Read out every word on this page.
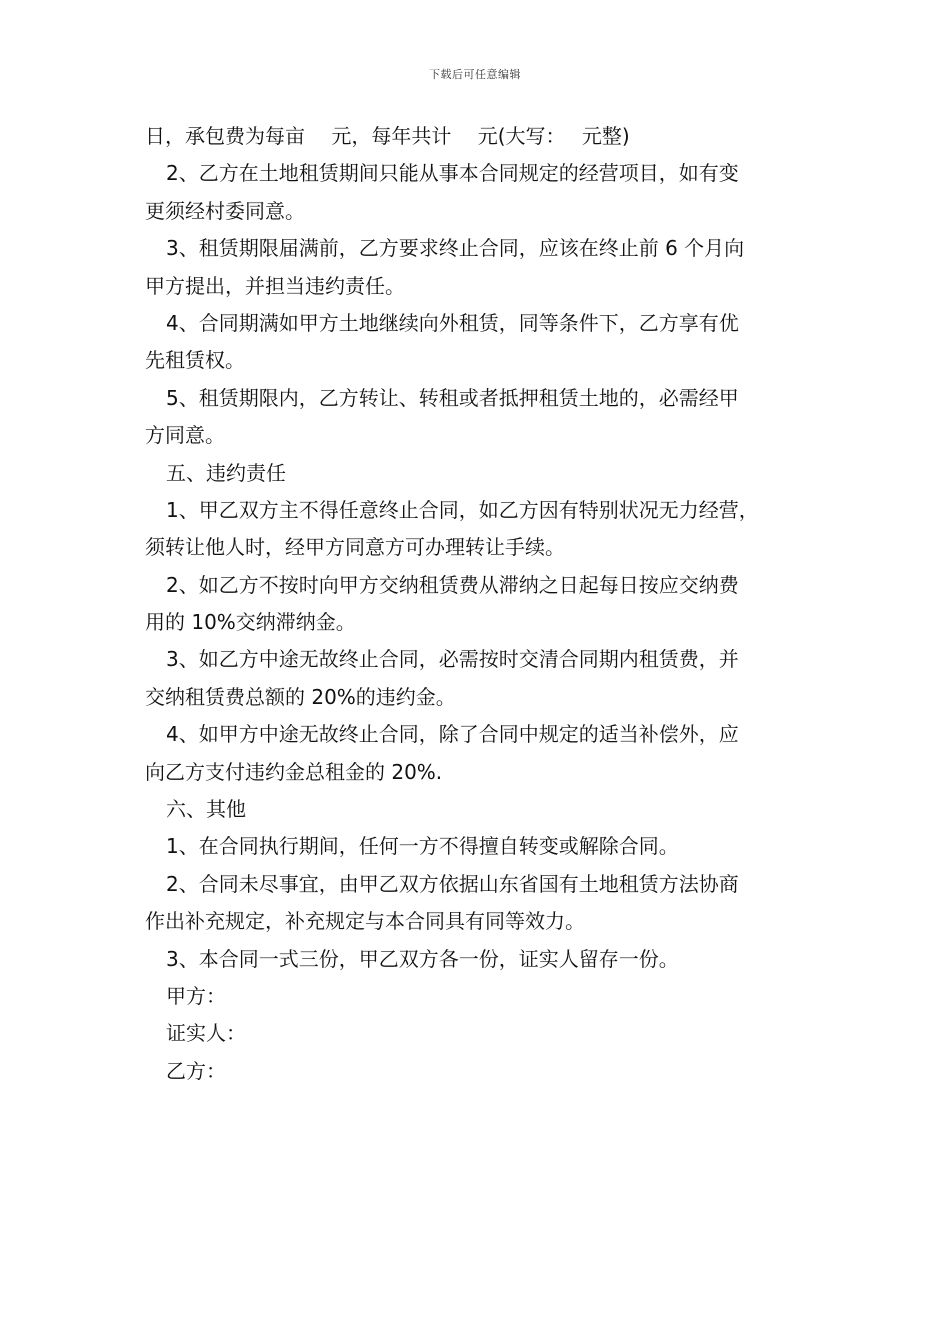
下载后可任意编辑
日，承包费为每亩　 元，每年共计　 元(大写：　 元整)
2、乙方在土地租赁期间只能从事本合同规定的经营项目，如有变
更须经村委同意。
3、租赁期限届满前，乙方要求终止合同，应该在终止前 6 个月向
甲方提出，并担当违约责任。
4、合同期满如甲方土地继续向外租赁，同等条件下，乙方享有优
先租赁权。
5、租赁期限内，乙方转让、转租或者抵押租赁土地的，必需经甲
方同意。
五、违约责任
1、甲乙双方主不得任意终止合同，如乙方因有特别状况无力经营，
须转让他人时，经甲方同意方可办理转让手续。
2、如乙方不按时向甲方交纳租赁费从滞纳之日起每日按应交纳费
用的 10%交纳滞纳金。
3、如乙方中途无故终止合同，必需按时交清合同期内租赁费，并
交纳租赁费总额的 20%的违约金。
4、如甲方中途无故终止合同，除了合同中规定的适当补偿外，应
向乙方支付违约金总租金的 20%.
六、其他
1、在合同执行期间，任何一方不得擅自转变或解除合同。
2、合同未尽事宜，由甲乙双方依据山东省国有土地租赁方法协商
作出补充规定，补充规定与本合同具有同等效力。
3、本合同一式三份，甲乙双方各一份，证实人留存一份。
甲方：
证实人：
乙方：
